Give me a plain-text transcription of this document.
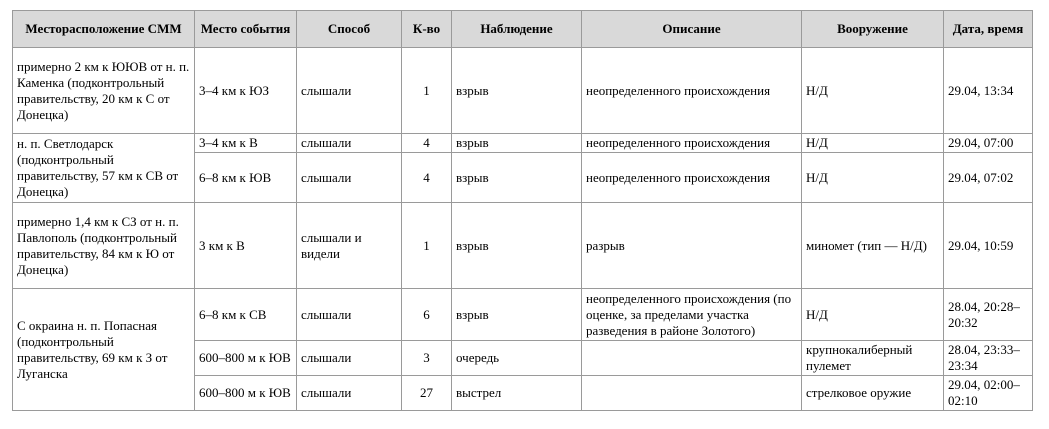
Месторасположение СММ	Место события	Способ	К-во	Наблюдение	Описание	Вооружение	Дата, время
примерно 2 км к ЮЮВ от н. п. Каменка (подконтрольный правительству, 20 км к С от Донецка)	3–4 км к ЮЗ	слышали	1	взрыв	неопределенного происхождения	Н/Д	29.04, 13:34
н. п. Светлодарск (подконтрольный правительству, 57 км к СВ от Донецка)	3–4 км к В	слышали	4	взрыв	неопределенного происхождения	Н/Д	29.04, 07:00
	6–8 км к ЮВ	слышали	4	взрыв	неопределенного происхождения	Н/Д	29.04, 07:02
примерно 1,4 км к СЗ от н. п. Павлополь (подконтрольный правительству, 84 км к Ю от Донецка)	3 км к В	слышали и видели	1	взрыв	разрыв	миномет (тип — Н/Д)	29.04, 10:59
С окраина н. п. Попасная (подконтрольный правительству, 69 км к З от Луганска	6–8 км к СВ	слышали	6	взрыв	неопределенного происхождения (по оценке, за пределами участка разведения в районе Золотого)	Н/Д	28.04, 20:28–20:32
	600–800 м к ЮВ	слышали	3	очередь		крупнокалиберный пулемет	28.04, 23:33–23:34
	600–800 м к ЮВ	слышали	27	выстрел		стрелковое оружие	29.04, 02:00–02:10
